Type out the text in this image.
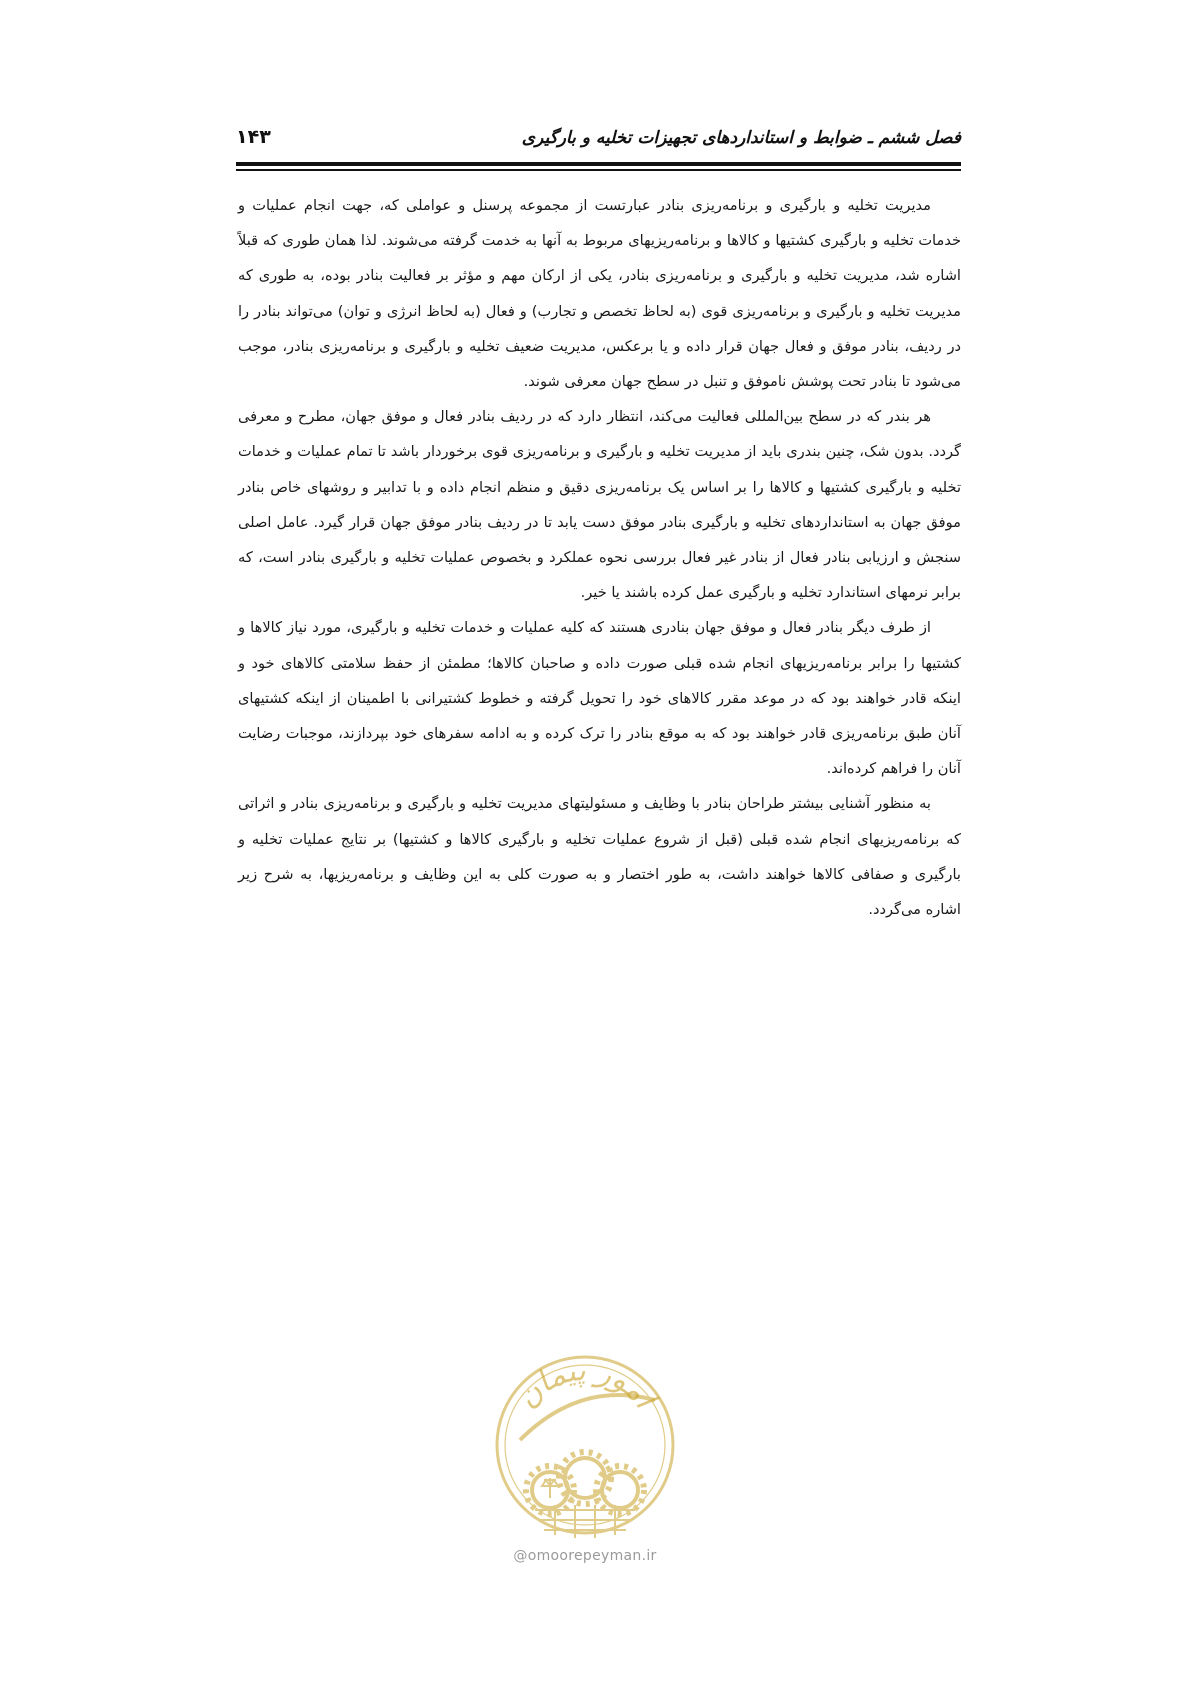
فصل ششم ـ ضوابط و استانداردهای تجهیزات تخلیه و بارگیری
۱۴۳

مدیریت تخلیه و بارگیری و برنامه‌ریزی بنادر عبارتست از مجموعه پرسنل و عواملی که، جهت انجام عملیات و خدمات تخلیه و بارگیری کشتیها و کالاها و برنامه‌ریزیهای مربوط به آنها به خدمت گرفته می‌شوند. لذا همان طوری که قبلاً اشاره شد، مدیریت تخلیه و بارگیری و برنامه‌ریزی بنادر، یکی از ارکان مهم و مؤثر بر فعالیت بنادر بوده، به طوری که مدیریت تخلیه و بارگیری و برنامه‌ریزی قوی (به لحاظ تخصص و تجارب) و فعال (به لحاظ انرژی و توان) می‌تواند بنادر را در ردیف، بنادر موفق و فعال جهان قرار داده و یا برعکس، مدیریت ضعیف تخلیه و بارگیری و برنامه‌ریزی بنادر، موجب می‌شود تا بنادر تحت پوشش ناموفق و تنبل در سطح جهان معرفی شوند.

هر بندر که در سطح بین‌المللی فعالیت می‌کند، انتظار دارد که در ردیف بنادر فعال و موفق جهان، مطرح و معرفی گردد. بدون شک، چنین بندری باید از مدیریت تخلیه و بارگیری و برنامه‌ریزی قوی برخوردار باشد تا تمام عملیات و خدمات تخلیه و بارگیری کشتیها و کالاها را بر اساس یک برنامه‌ریزی دقیق و منظم انجام داده و با تدابیر و روشهای خاص بنادر موفق جهان به استانداردهای تخلیه و بارگیری بنادر موفق دست یابد تا در ردیف بنادر موفق جهان قرار گیرد. عامل اصلی سنجش و ارزیابی بنادر فعال از بنادر غیر فعال بررسی نحوه عملکرد و بخصوص عملیات تخلیه و بارگیری بنادر است، که برابر نرمهای استاندارد تخلیه و بارگیری عمل کرده باشند یا خیر.

از طرف دیگر بنادر فعال و موفق جهان بنادری هستند که کلیه عملیات و خدمات تخلیه و بارگیری، مورد نیاز کالاها و کشتیها را برابر برنامه‌ریزیهای انجام شده قبلی صورت داده و صاحبان کالاها؛ مطمئن از حفظ سلامتی کالاهای خود و اینکه قادر خواهند بود که در موعد مقرر کالاهای خود را تحویل گرفته و خطوط کشتیرانی با اطمینان از اینکه کشتیهای آنان طبق برنامه‌ریزی قادر خواهند بود که به موقع بنادر را ترک کرده و به ادامه سفرهای خود بپردازند، موجبات رضایت آنان را فراهم کرده‌اند.

به منظور آشنایی بیشتر طراحان بنادر با وظایف و مسئولیتهای مدیریت تخلیه و بارگیری و برنامه‌ریزی بنادر و اثراتی که برنامه‌ریزیهای انجام شده قبلی (قبل از شروع عملیات تخلیه و بارگیری کالاها و کشتیها) بر نتایج عملیات تخلیه و بارگیری و صفافی کالاها خواهند داشت، به طور اختصار و به صورت کلی به این وظایف و برنامه‌ریزیها، به شرح زیر اشاره می‌گردد.

امور پیمان
@omoorepeyman.ir
